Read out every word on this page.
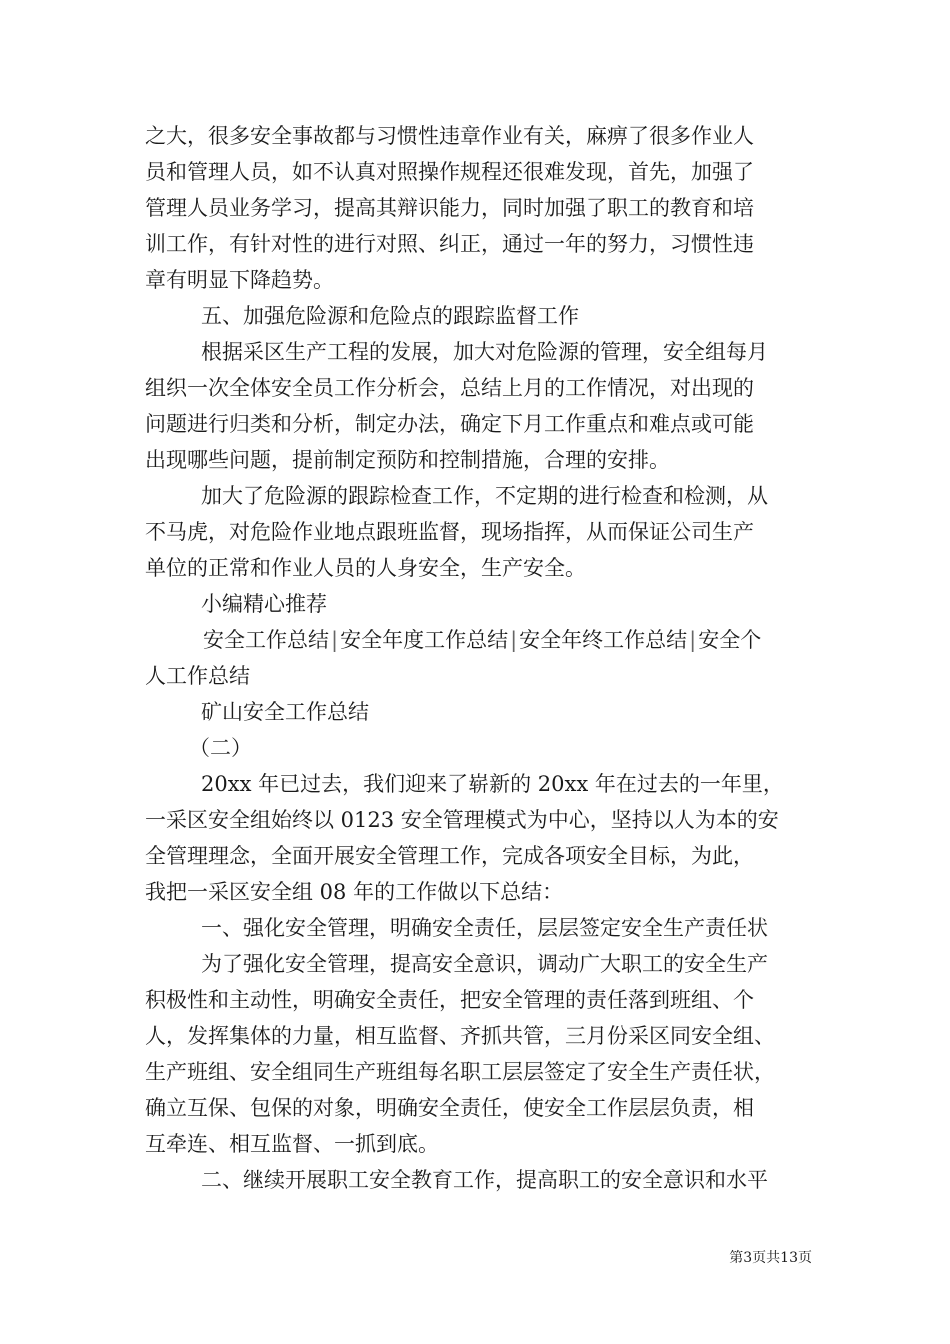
之大，很多安全事故都与习惯性违章作业有关，麻痹了很多作业人

员和管理人员，如不认真对照操作规程还很难发现，首先，加强了

管理人员业务学习，提高其辩识能力，同时加强了职工的教育和培

训工作，有针对性的进行对照、纠正，通过一年的努力，习惯性违

章有明显下降趋势。

五、加强危险源和危险点的跟踪监督工作

根据采区生产工程的发展，加大对危险源的管理，安全组每月

组织一次全体安全员工作分析会，总结上月的工作情况，对出现的

问题进行归类和分析，制定办法，确定下月工作重点和难点或可能

出现哪些问题，提前制定预防和控制措施，合理的安排。

加大了危险源的跟踪检查工作，不定期的进行检查和检测，从

不马虎，对危险作业地点跟班监督，现场指挥，从而保证公司生产

单位的正常和作业人员的人身安全，生产安全。

小编精心推荐

安全工作总结|安全年度工作总结|安全年终工作总结|安全个

人工作总结

矿山安全工作总结

（二）

20xx 年已过去，我们迎来了崭新的 20xx 年在过去的一年里，

一采区安全组始终以 0123 安全管理模式为中心，坚持以人为本的安

全管理理念，全面开展安全管理工作，完成各项安全目标，为此，

我把一采区安全组 08 年的工作做以下总结：

一、强化安全管理，明确安全责任，层层签定安全生产责任状

为了强化安全管理，提高安全意识，调动广大职工的安全生产

积极性和主动性，明确安全责任，把安全管理的责任落到班组、个

人，发挥集体的力量，相互监督、齐抓共管，三月份采区同安全组、

生产班组、安全组同生产班组每名职工层层签定了安全生产责任状，

确立互保、包保的对象，明确安全责任，使安全工作层层负责，相

互牵连、相互监督、一抓到底。

二、继续开展职工安全教育工作，提高职工的安全意识和水平

第3页共13页
